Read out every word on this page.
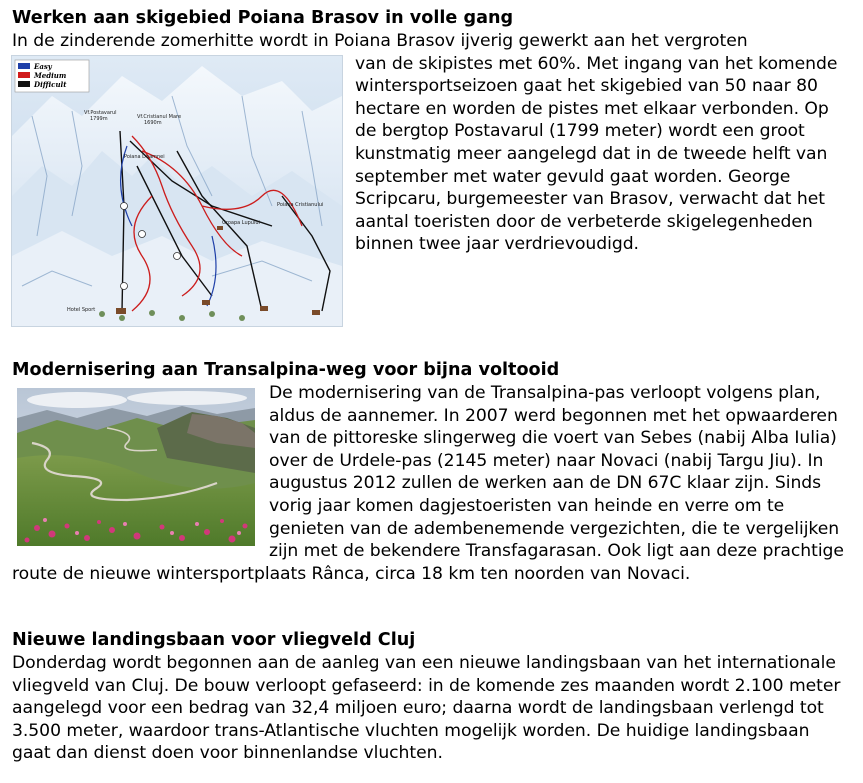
Werken aan skigebied Poiana Brasov in volle gang

In de zinderende zomerhitte wordt in Poiana Brasov ijverig gewerkt aan het vergroten

Easy
Medium
Difficult
Vf.Postavarul
1799m	Vf.Cristianul Mare
1690m
Poiana Doamnei
Poiana Cristianului
Groapa Lupului
Hotel Sport

van de skipistes met 60%. Met ingang van het komende wintersportseizoen gaat het skigebied van 50 naar 80 hectare en worden de pistes met elkaar verbonden. Op de bergtop Postavarul (1799 meter) wordt een groot kunstmatig meer aangelegd dat in de tweede helft van september met water gevuld gaat worden. George Scripcaru, burgemeester van Brasov, verwacht dat het aantal toeristen door de verbeterde skigelegenheden binnen twee jaar verdrievoudigd.

Modernisering aan Transalpina-weg voor bijna voltooid

De modernisering van de Transalpina-pas verloopt volgens plan, aldus de aannemer. In 2007 werd begonnen met het opwaarderen van de pittoreske slingerweg die voert van Sebes (nabij Alba Iulia) over de Urdele-pas (2145 meter) naar Novaci (nabij Targu Jiu). In augustus 2012 zullen de werken aan de DN 67C klaar zijn. Sinds vorig jaar komen dagjestoeristen van heinde en verre om te genieten van de adembenemende vergezichten, die te vergelijken zijn met de bekendere Transfagarasan. Ook ligt aan deze prachtige route de nieuwe wintersportplaats Rânca, circa 18 km ten noorden van Novaci.

Nieuwe landingsbaan voor vliegveld Cluj

Donderdag wordt begonnen aan de aanleg van een nieuwe landingsbaan van het internationale vliegveld van Cluj. De bouw verloopt gefaseerd: in de komende zes maanden wordt 2.100 meter aangelegd voor een bedrag van 32,4 miljoen euro; daarna wordt de landingsbaan verlengd tot 3.500 meter, waardoor trans-Atlantische vluchten mogelijk worden. De huidige landingsbaan gaat dan dienst doen voor binnenlandse vluchten.
